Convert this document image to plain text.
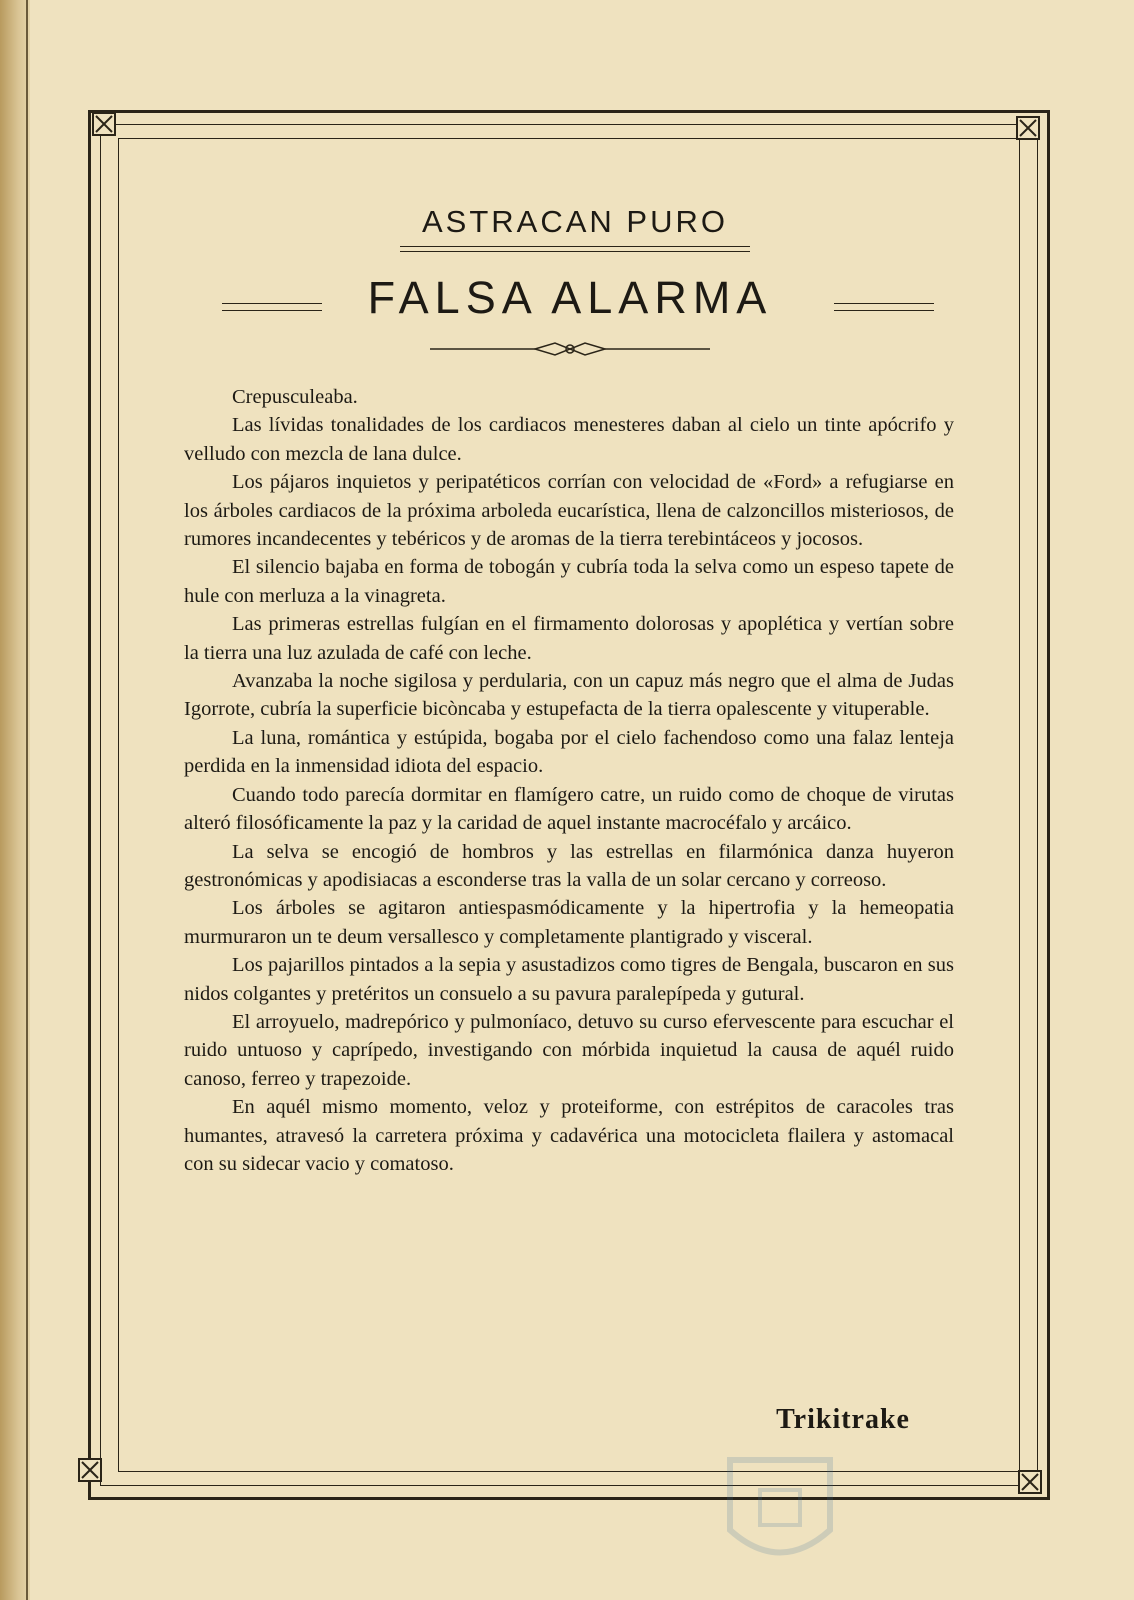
ASTRACAN PURO
FALSA ALARMA

Crepusculeaba.

Las lívidas tonalidades de los cardiacos menesteres daban al cielo un tinte apócrifo y velludo con mezcla de lana dulce.

Los pájaros inquietos y peripatéticos corrían con velocidad de «Ford» a refugiarse en los árboles cardiacos de la próxima arboleda eucarística, llena de calzoncillos misteriosos, de rumores incandecentes y tebéricos y de aromas de la tierra terebintáceos y jocosos.

El silencio bajaba en forma de tobogán y cubría toda la selva como un espeso tapete de hule con merluza a la vinagreta.

Las primeras estrellas fulgían en el firmamento dolorosas y apoplética y vertían sobre la tierra una luz azulada de café con leche.

Avanzaba la noche sigilosa y perdularia, con un capuz más negro que el alma de Judas Igorrote, cubría la superficie bicòncaba y estupefacta de la tierra opalescente y vituperable.

La luna, romántica y estúpida, bogaba por el cielo fachendoso como una falaz lenteja perdida en la inmensidad idiota del espacio.

Cuando todo parecía dormitar en flamígero catre, un ruido como de choque de virutas alteró filosóficamente la paz y la caridad de aquel instante macrocéfalo y arcáico.

La selva se encogió de hombros y las estrellas en filarmónica danza huyeron gestronómicas y apodisiacas a esconderse tras la valla de un solar cercano y correoso.

Los árboles se agitaron antiespasmódicamente y la hipertrofia y la hemeopatia murmuraron un te deum versallesco y completamente plantigrado y visceral.

Los pajarillos pintados a la sepia y asustadizos como tigres de Bengala, buscaron en sus nidos colgantes y pretéritos un consuelo a su pavura paralepípeda y gutural.

El arroyuelo, madrepórico y pulmoníaco, detuvo su curso efervescente para escuchar el ruido untuoso y caprípedo, investigando con mórbida inquietud la causa de aquél ruido canoso, ferreo y trapezoide.

En aquél mismo momento, veloz y proteiforme, con estrépitos de caracoles tras humantes, atravesó la carretera próxima y cadavérica una motocicleta flailera y astomacal con su sidecar vacio y comatoso.

Trikitrake
